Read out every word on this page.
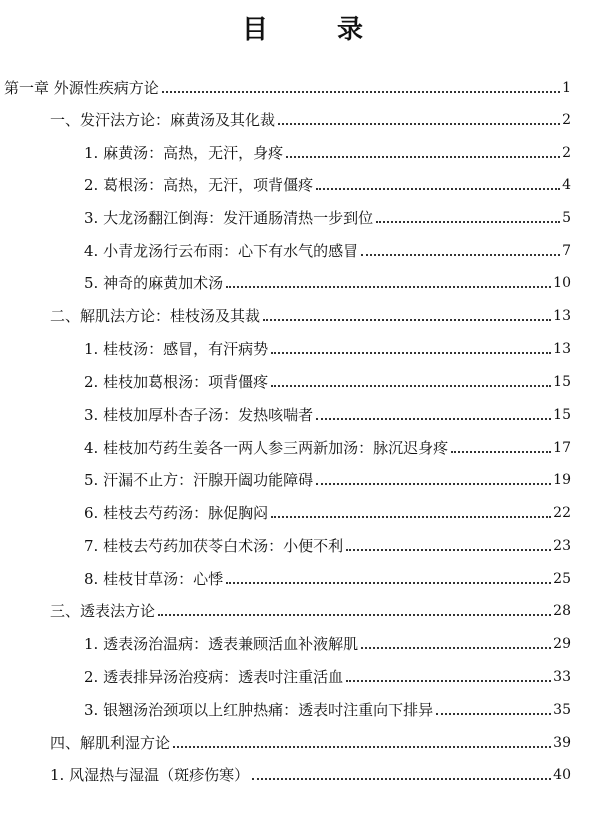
目 录
第一章 外源性疾病方论	1
一、发汗法方论：麻黄汤及其化裁	2
1. 麻黄汤：高热，无汗，身疼	2
2. 葛根汤：高热，无汗，项背僵疼	4
3. 大龙汤翻江倒海：发汗通肠清热一步到位	5
4. 小青龙汤行云布雨：心下有水气的感冒	7
5. 神奇的麻黄加术汤	10
二、解肌法方论：桂枝汤及其裁	13
1. 桂枝汤：感冒，有汗病势	13
2. 桂枝加葛根汤：项背僵疼	15
3. 桂枝加厚朴杏子汤：发热咳喘者	15
4. 桂枝加芍药生姜各一两人参三两新加汤：脉沉迟身疼	17
5. 汗漏不止方：汗腺开阖功能障碍	19
6. 桂枝去芍药汤：脉促胸闷	22
7. 桂枝去芍药加茯苓白术汤：小便不利	23
8. 桂枝甘草汤：心悸	25
三、透表法方论	28
1. 透表汤治温病：透表兼顾活血补液解肌	29
2. 透表排异汤治疫病：透表吋注重活血	33
3. 银翘汤治颈项以上红肿热痛：透表吋注重向下排异	35
四、解肌利湿方论	39
1. 风湿热与湿温（斑疹伤寒）	40
